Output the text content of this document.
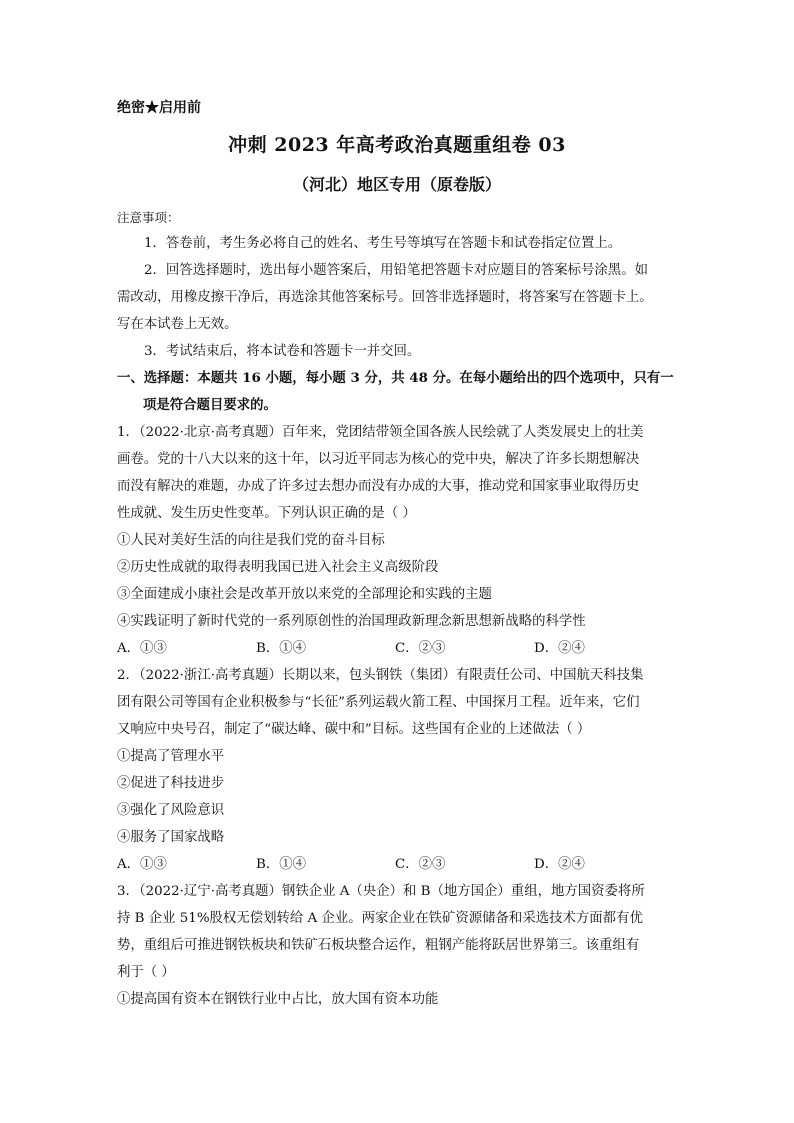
绝密★启用前
冲刺 2023 年高考政治真题重组卷 03
（河北）地区专用（原卷版）
注意事项：
1．答卷前，考生务必将自己的姓名、考生号等填写在答题卡和试卷指定位置上。
2．回答选择题时，选出每小题答案后，用铅笔把答题卡对应题目的答案标号涂黑。如
需改动，用橡皮擦干净后，再选涂其他答案标号。回答非选择题时，将答案写在答题卡上。
写在本试卷上无效。
3．考试结束后，将本试卷和答题卡一并交回。
一、选择题：本题共 16 小题，每小题 3 分，共 48 分。在每小题给出的四个选项中，只有一
项是符合题目要求的。
1．（2022·北京·高考真题）百年来，党团结带领全国各族人民绘就了人类发展史上的壮美
画卷。党的十八大以来的这十年，以习近平同志为核心的党中央，解决了许多长期想解决
而没有解决的难题，办成了许多过去想办而没有办成的大事，推动党和国家事业取得历史
性成就、发生历史性变革。下列认识正确的是（ ）
①人民对美好生活的向往是我们党的奋斗目标
②历史性成就的取得表明我国已进入社会主义高级阶段
③全面建成小康社会是改革开放以来党的全部理论和实践的主题
④实践证明了新时代党的一系列原创性的治国理政新理念新思想新战略的科学性
A．①③	B．①④	C．②③	D．②④
2．（2022·浙江·高考真题）长期以来，包头钢铁（集团）有限责任公司、中国航天科技集
团有限公司等国有企业积极参与“长征”系列运载火箭工程、中国探月工程。近年来，它们
又响应中央号召，制定了“碳达峰、碳中和”目标。这些国有企业的上述做法（ ）
①提高了管理水平
②促进了科技进步
③强化了风险意识
④服务了国家战略
A．①③	B．①④	C．②③	D．②④
3．（2022·辽宁·高考真题）钢铁企业 A（央企）和 B（地方国企）重组，地方国资委将所
持 B 企业 51%股权无偿划转给 A 企业。两家企业在铁矿资源储备和采选技术方面都有优
势，重组后可推进钢铁板块和铁矿石板块整合运作，粗钢产能将跃居世界第三。该重组有
利于（ ）
①提高国有资本在钢铁行业中占比，放大国有资本功能
